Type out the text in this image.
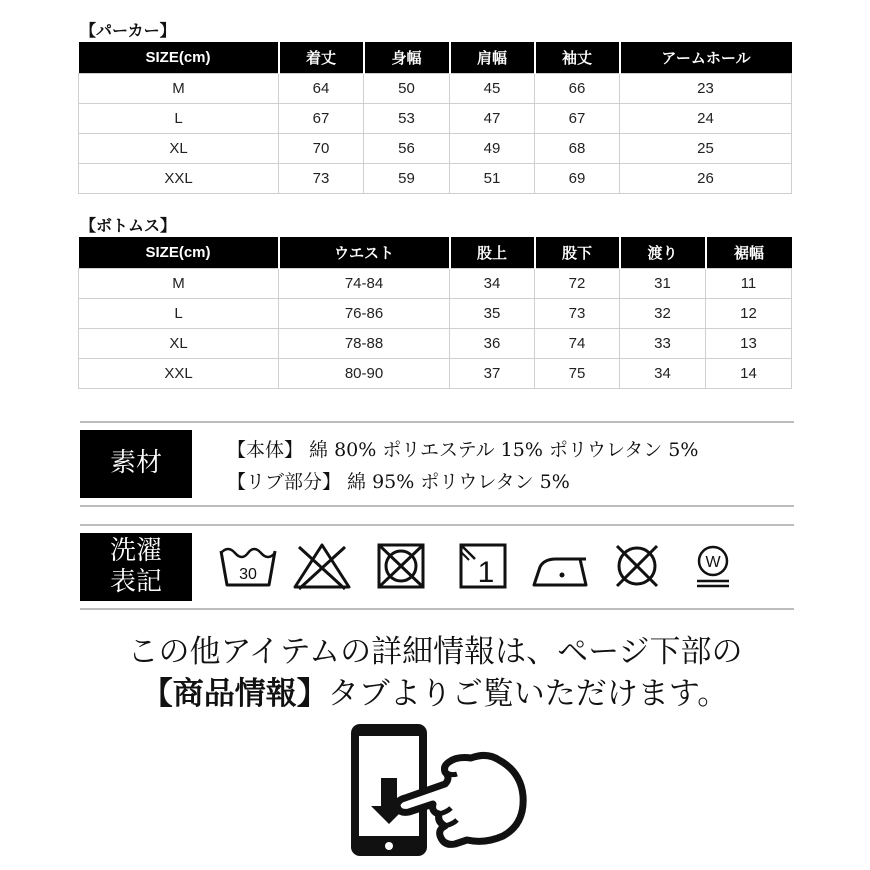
【パーカー】
SIZE(cm)	着丈	身幅	肩幅	袖丈	アームホール
M	64	50	45	66	23
L	67	53	47	67	24
XL	70	56	49	68	25
XXL	73	59	51	69	26
【ボトムス】
SIZE(cm)	ウエスト	股上	股下	渡り	裾幅
M	74-84	34	72	31	11
L	76-86	35	73	32	12
XL	78-88	36	74	33	13
XXL	80-90	37	75	34	14
素材	【本体】 綿 80% ポリエステル 15% ポリウレタン 5%
【リブ部分】 綿 95% ポリウレタン 5%
洗濯
表記	30	1	W
この他アイテムの詳細情報は、ページ下部の
【商品情報】タブよりご覧いただけます。
